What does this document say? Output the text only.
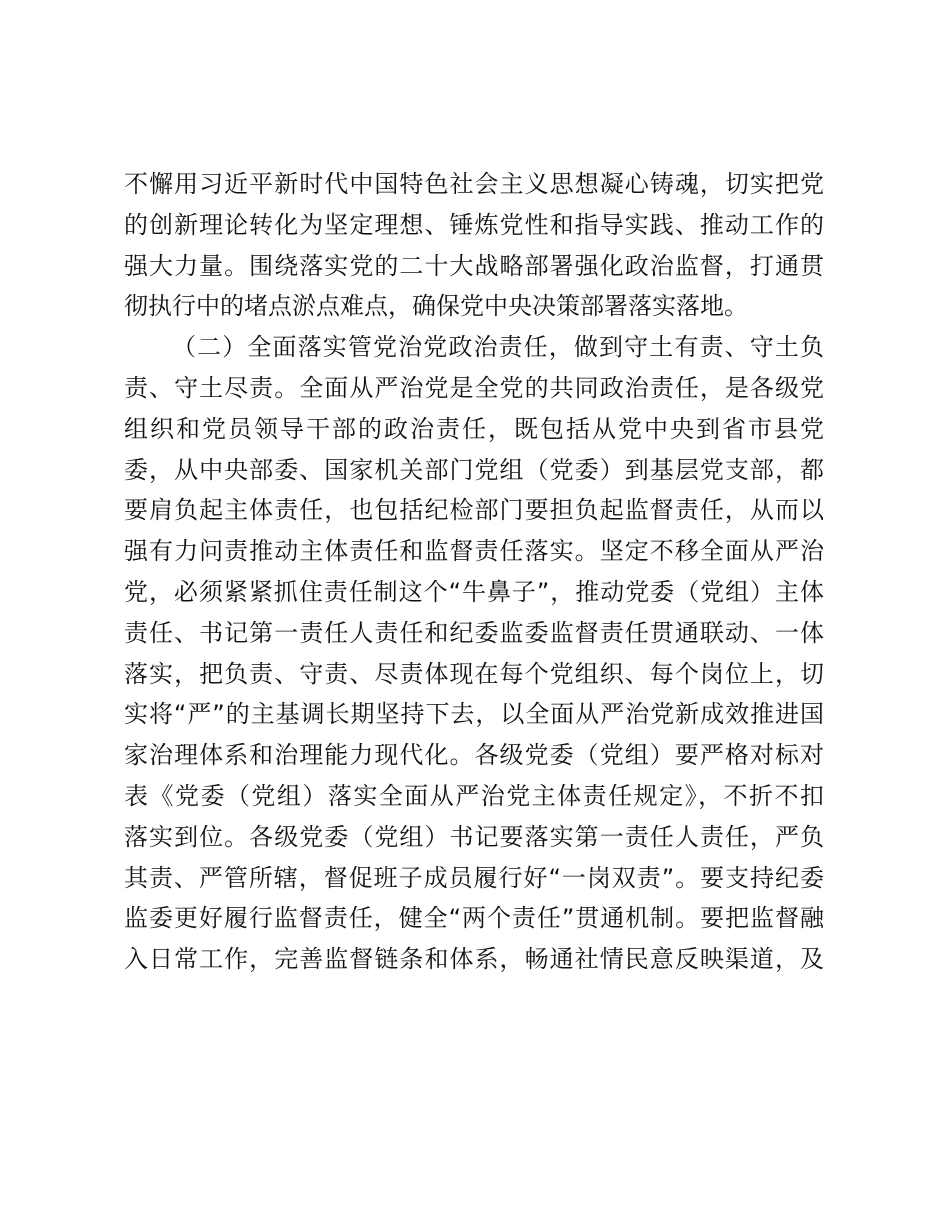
不懈用习近平新时代中国特色社会主义思想凝心铸魂，切实把党
的创新理论转化为坚定理想、锤炼党性和指导实践、推动工作的
强大力量。围绕落实党的二十大战略部署强化政治监督，打通贯
彻执行中的堵点淤点难点，确保党中央决策部署落实落地。
（二）全面落实管党治党政治责任，做到守土有责、守土负
责、守土尽责。全面从严治党是全党的共同政治责任，是各级党
组织和党员领导干部的政治责任，既包括从党中央到省市县党
委，从中央部委、国家机关部门党组（党委）到基层党支部，都
要肩负起主体责任，也包括纪检部门要担负起监督责任，从而以
强有力问责推动主体责任和监督责任落实。坚定不移全面从严治
党，必须紧紧抓住责任制这个“牛鼻子”，推动党委（党组）主体
责任、书记第一责任人责任和纪委监委监督责任贯通联动、一体
落实，把负责、守责、尽责体现在每个党组织、每个岗位上，切
实将“严”的主基调长期坚持下去，以全面从严治党新成效推进国
家治理体系和治理能力现代化。各级党委（党组）要严格对标对
表《党委（党组）落实全面从严治党主体责任规定》，不折不扣
落实到位。各级党委（党组）书记要落实第一责任人责任，严负
其责、严管所辖，督促班子成员履行好“一岗双责”。要支持纪委
监委更好履行监督责任，健全“两个责任”贯通机制。要把监督融
入日常工作，完善监督链条和体系，畅通社情民意反映渠道，及
